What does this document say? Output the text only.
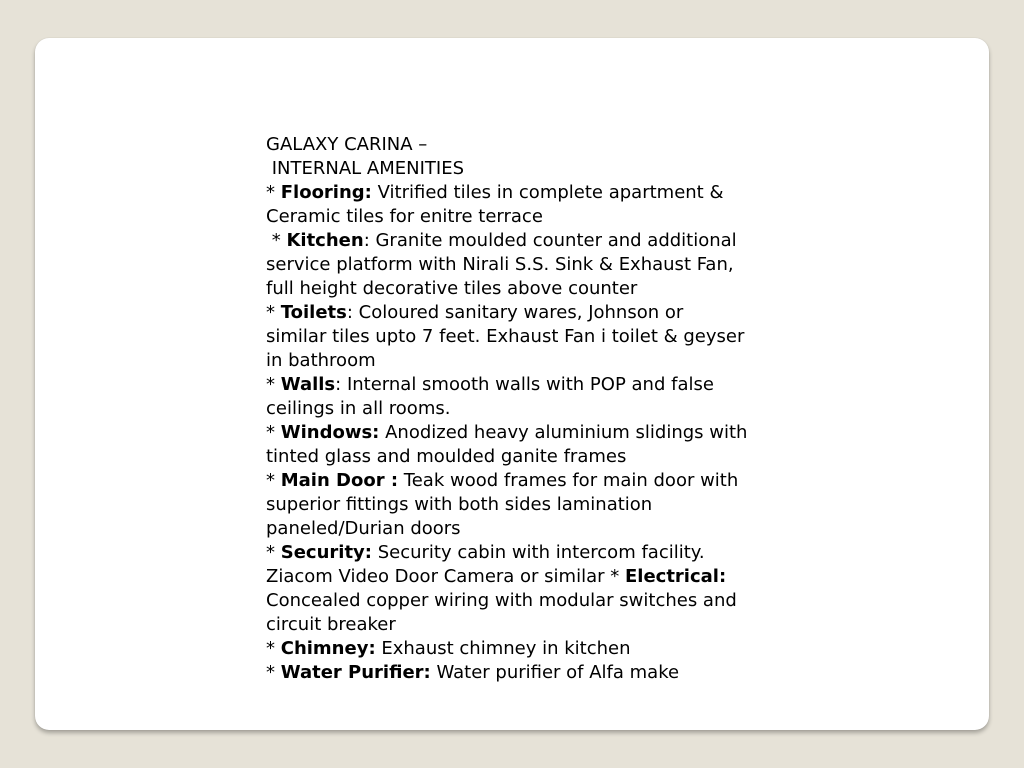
GALAXY CARINA –
INTERNAL AMENITIES
* Flooring: Vitrified tiles in complete apartment &
Ceramic tiles for enitre terrace
* Kitchen: Granite moulded counter and additional
service platform with Nirali S.S. Sink & Exhaust Fan,
full height decorative tiles above counter
* Toilets: Coloured sanitary wares, Johnson or
similar tiles upto 7 feet. Exhaust Fan i toilet & geyser
in bathroom
* Walls: Internal smooth walls with POP and false
ceilings in all rooms.
* Windows: Anodized heavy aluminium slidings with
tinted glass and moulded ganite frames
* Main Door : Teak wood frames for main door with
superior fittings with both sides lamination
paneled/Durian doors
* Security: Security cabin with intercom facility.
Ziacom Video Door Camera or similar * Electrical:
Concealed copper wiring with modular switches and
circuit breaker
* Chimney: Exhaust chimney in kitchen
* Water Purifier: Water purifier of Alfa make
